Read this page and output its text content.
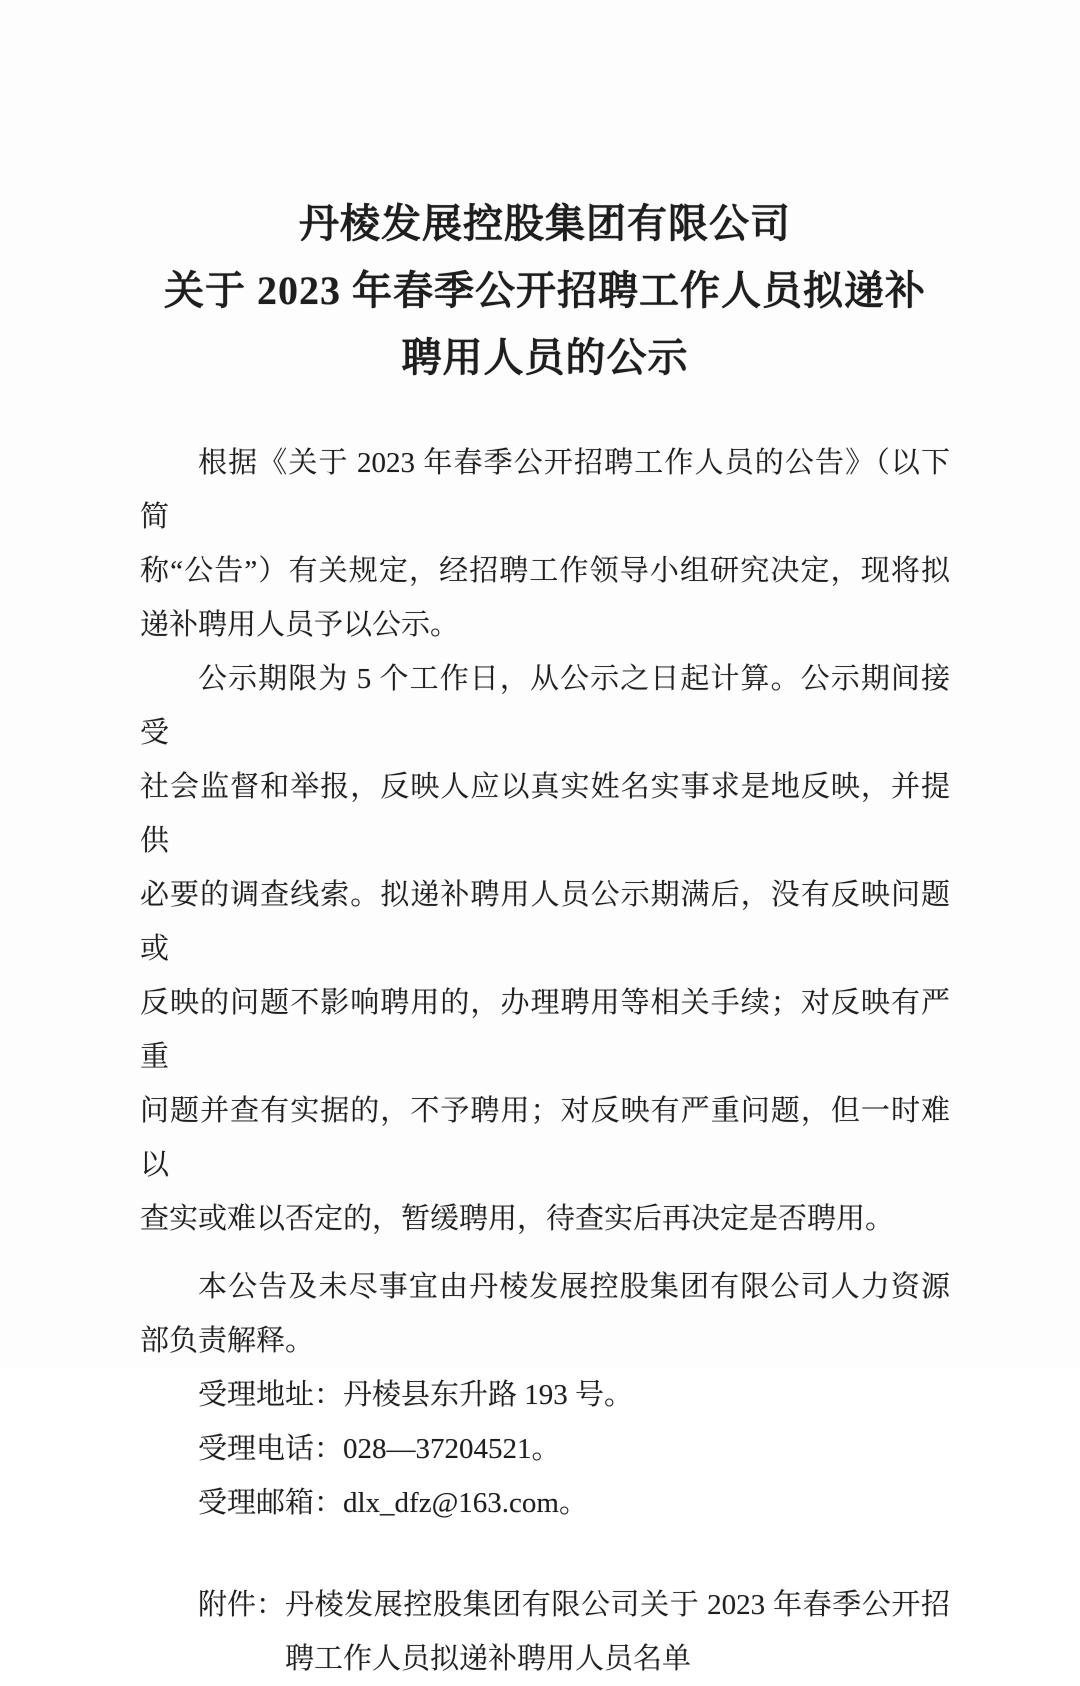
丹棱发展控股集团有限公司
关于 2023 年春季公开招聘工作人员拟递补
聘用人员的公示
根据《关于 2023 年春季公开招聘工作人员的公告》（以下简
称“公告”）有关规定，经招聘工作领导小组研究决定，现将拟
递补聘用人员予以公示。
公示期限为 5 个工作日，从公示之日起计算。公示期间接受
社会监督和举报，反映人应以真实姓名实事求是地反映，并提供
必要的调查线索。拟递补聘用人员公示期满后，没有反映问题或
反映的问题不影响聘用的，办理聘用等相关手续；对反映有严重
问题并查有实据的，不予聘用；对反映有严重问题，但一时难以
查实或难以否定的，暂缓聘用，待查实后再决定是否聘用。
本公告及未尽事宜由丹棱发展控股集团有限公司人力资源
部负责解释。
受理地址：丹棱县东升路 193 号。
受理电话：028—37204521。
受理邮箱：dlx_dfz@163.com。
附件： 丹棱发展控股集团有限公司关于 2023 年春季公开招
聘工作人员拟递补聘用人员名单
